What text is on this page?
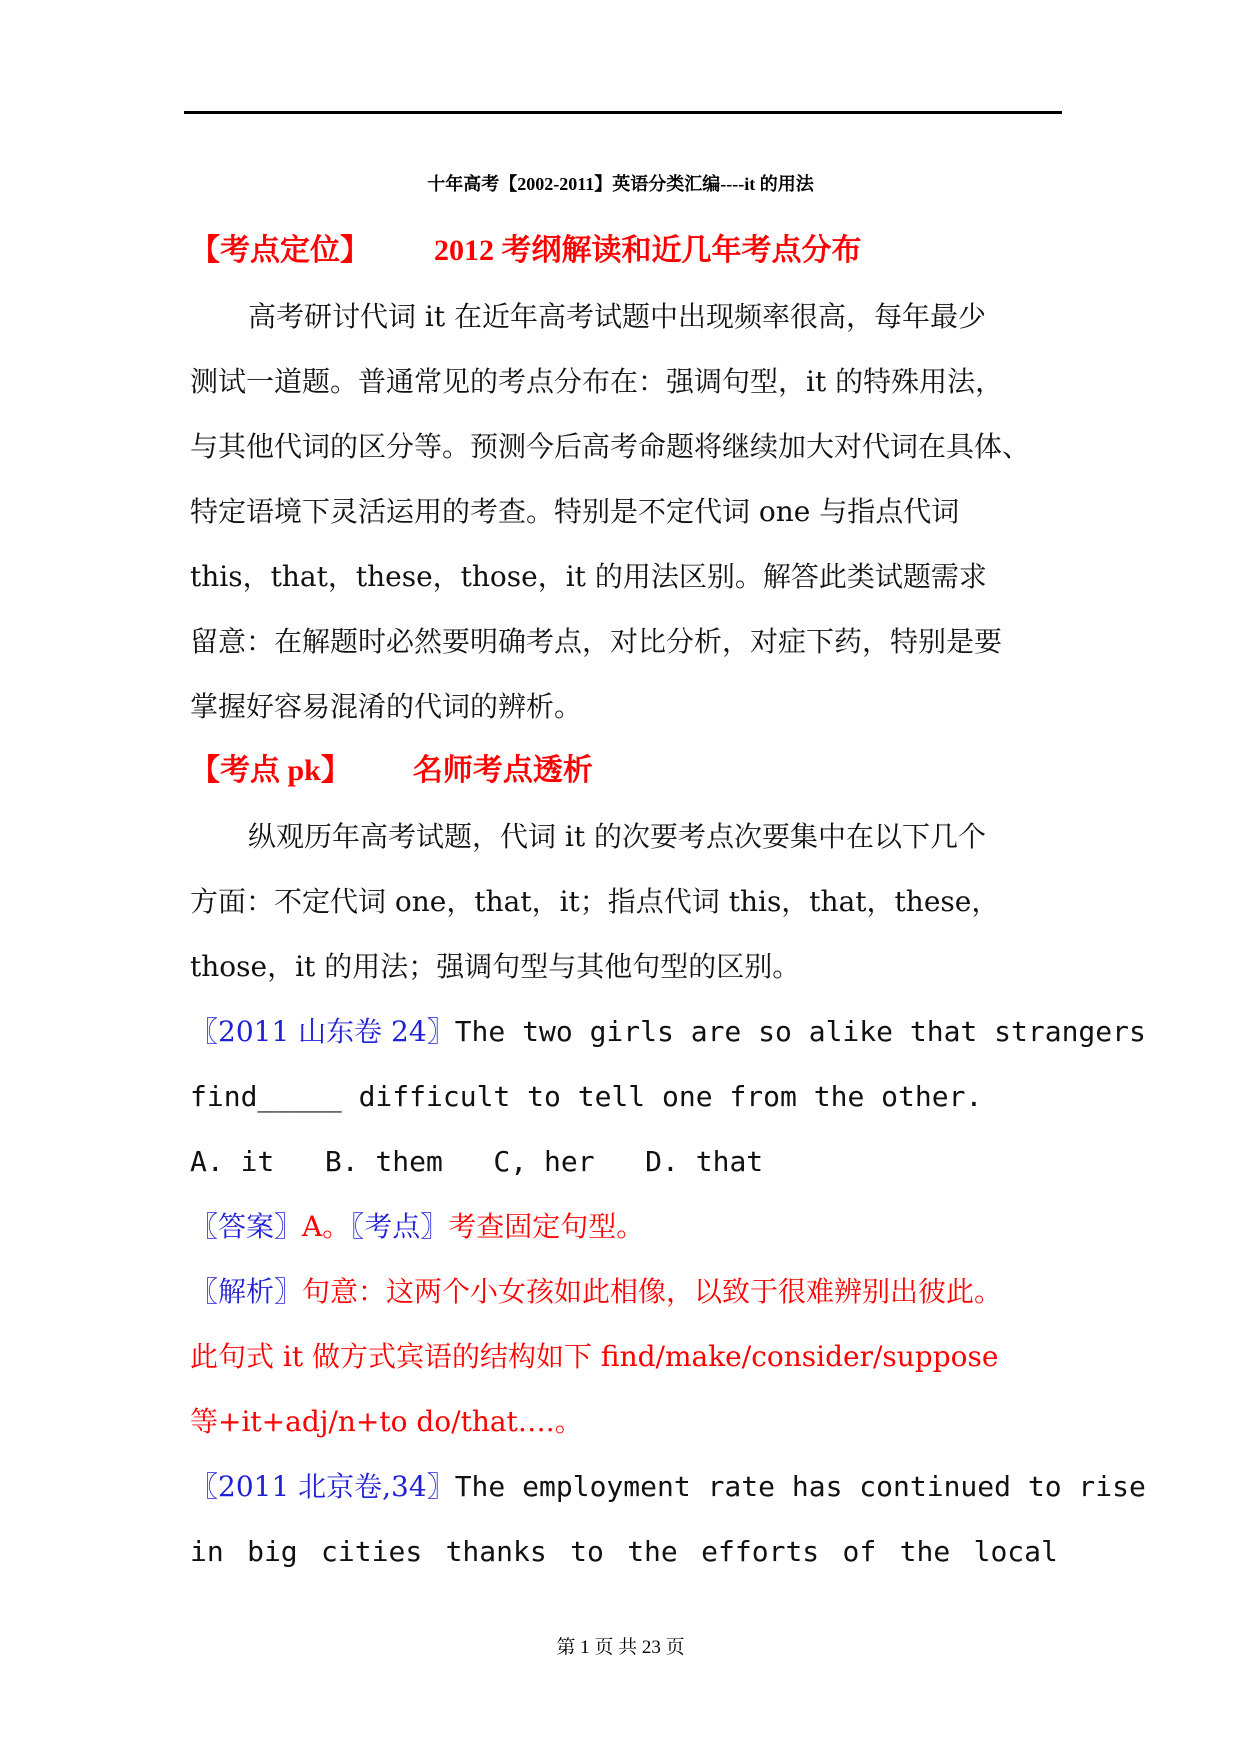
十年高考【2002-2011】英语分类汇编----it 的用法
【考点定位】 2012 考纲解读和近几年考点分布
高考研讨代词 it 在近年高考试题中出现频率很高，每年最少
测试一道题。普通常见的考点分布在：强调句型，it 的特殊用法，
与其他代词的区分等。预测今后高考命题将继续加大对代词在具体、
特定语境下灵活运用的考查。特别是不定代词 one 与指点代词
this，that，these，those，it 的用法区别。解答此类试题需求
留意：在解题时必然要明确考点，对比分析，对症下药，特别是要
掌握好容易混淆的代词的辨析。
【考点 pk】 名师考点透析
纵观历年高考试题，代词 it 的次要考点次要集中在以下几个
方面：不定代词 one，that，it；指点代词 this，that，these，
those，it 的用法；强调句型与其他句型的区别。
〖2011 山东卷 24〗The two girls are so alike that strangers
find_____ difficult to tell one from the other.
A. it   B. them   C, her   D. that
〖答案〗A。〖考点〗考查固定句型。
〖解析〗句意：这两个小女孩如此相像，以致于很难辨别出彼此。
此句式 it 做方式宾语的结构如下 find/make/consider/suppose
等+it+adj/n+to do/that….。
〖2011 北京卷,34〗The employment rate has continued to rise
in big cities thanks to the efforts of the local
第 1 页 共 23 页
